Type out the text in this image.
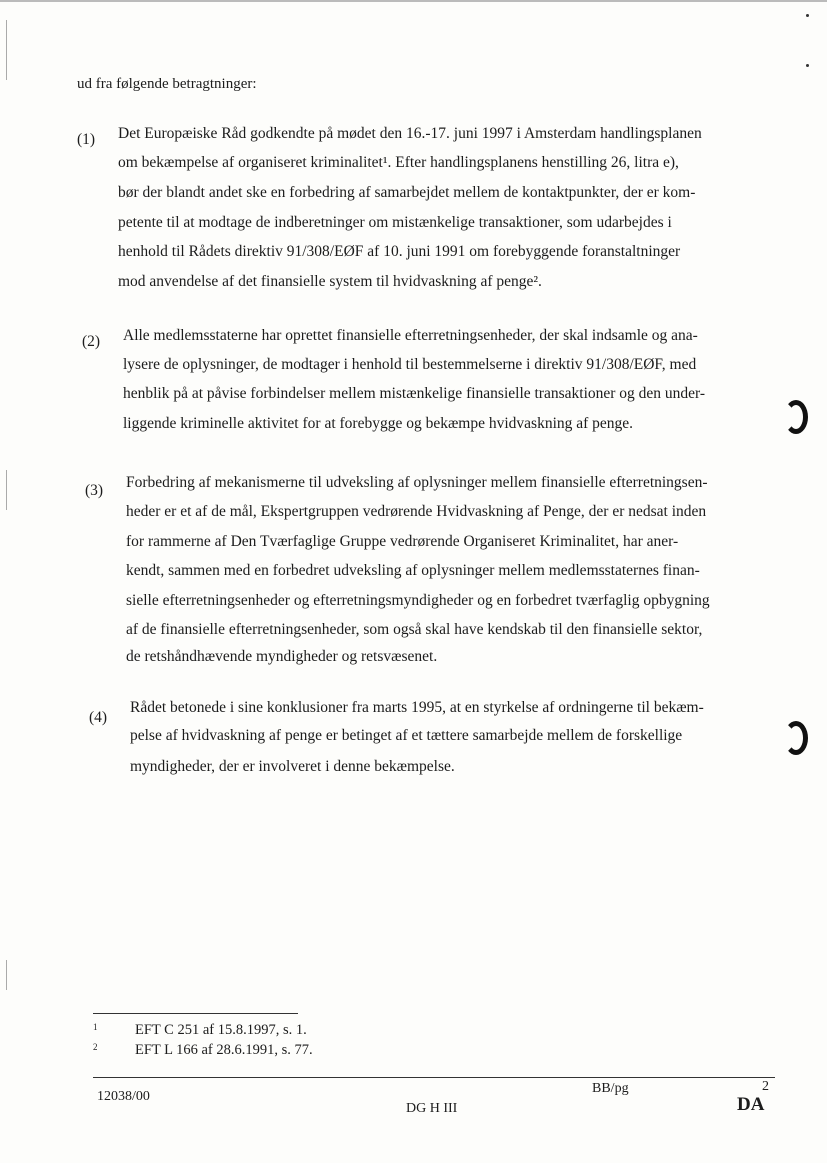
ud fra følgende betragtninger:
(1) Det Europæiske Råd godkendte på mødet den 16.-17. juni 1997 i Amsterdam handlingsplanen
om bekæmpelse af organiseret kriminalitet¹. Efter handlingsplanens henstilling 26, litra e),
bør der blandt andet ske en forbedring af samarbejdet mellem de kontaktpunkter, der er kom-
petente til at modtage de indberetninger om mistænkelige transaktioner, som udarbejdes i
henhold til Rådets direktiv 91/308/EØF af 10. juni 1991 om forebyggende foranstaltninger
mod anvendelse af det finansielle system til hvidvaskning af penge².
(2) Alle medlemsstaterne har oprettet finansielle efterretningsenheder, der skal indsamle og ana-
lysere de oplysninger, de modtager i henhold til bestemmelserne i direktiv 91/308/EØF, med
henblik på at påvise forbindelser mellem mistænkelige finansielle transaktioner og den under-
liggende kriminelle aktivitet for at forebygge og bekæmpe hvidvaskning af penge.
(3) Forbedring af mekanismerne til udveksling af oplysninger mellem finansielle efterretningsen-
heder er et af de mål, Ekspertgruppen vedrørende Hvidvaskning af Penge, der er nedsat inden
for rammerne af Den Tværfaglige Gruppe vedrørende Organiseret Kriminalitet, har aner-
kendt, sammen med en forbedret udveksling af oplysninger mellem medlemsstaternes finan-
sielle efterretningsenheder og efterretningsmyndigheder og en forbedret tværfaglig opbygning
af de finansielle efterretningsenheder, som også skal have kendskab til den finansielle sektor,
de retshåndhævende myndigheder og retsvæsenet.
(4)
Rådet betonede i sine konklusioner fra marts 1995, at en styrkelse af ordningerne til bekæm-
pelse af hvidvaskning af penge er betinget af et tættere samarbejde mellem de forskellige
myndigheder, der er involveret i denne bekæmpelse.
1	EFT C 251 af 15.8.1997, s. 1.
2	EFT L 166 af 28.6.1991, s. 77.
12038/00
BB/pg
DG H III
2
DA
